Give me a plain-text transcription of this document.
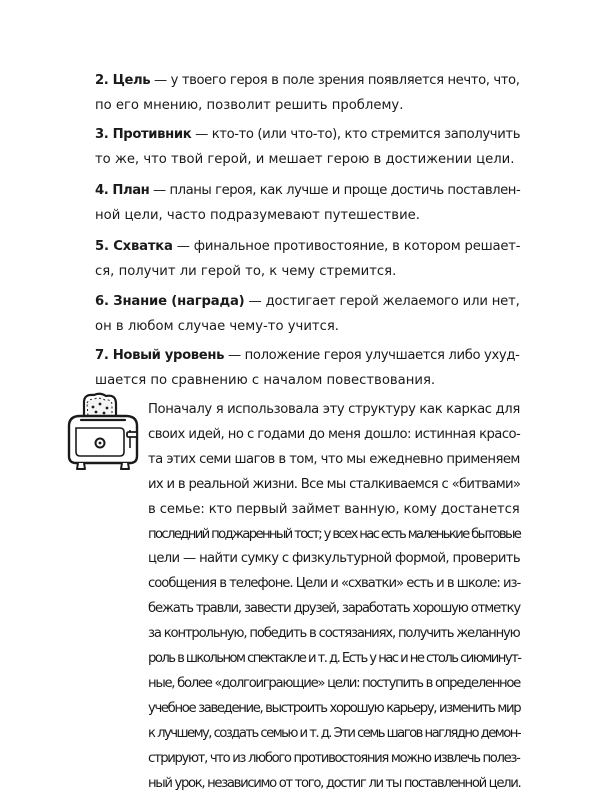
2. Цель — у твоего героя в поле зрения появляется нечто, что,
по его мнению, позволит решить проблему.

3. Противник — кто-то (или что-то), кто стремится заполучить
то же, что твой герой, и мешает герою в достижении цели.

4. План — планы героя, как лучше и проще достичь поставлен-
ной цели, часто подразумевают путешествие.

5. Схватка — финальное противостояние, в котором решает-
ся, получит ли герой то, к чему стремится.

6. Знание (награда) — достигает герой желаемого или нет,
он в любом случае чему-то учится.

7. Новый уровень — положение героя улучшается либо ухуд-
шается по сравнению с началом повествования.

Поначалу я использовала эту структуру как каркас для
своих идей, но с годами до меня дошло: истинная красо-
та этих семи шагов в том, что мы ежедневно применяем
их и в реальной жизни. Все мы сталкиваемся с «битвами»
в семье: кто первый займет ванную, кому достанется
последний поджаренный тост; у всех нас есть маленькие бытовые
цели — найти сумку с физкультурной формой, проверить
сообщения в телефоне. Цели и «схватки» есть и в школе: из-
бежать травли, завести друзей, заработать хорошую отметку
за контрольную, победить в состязаниях, получить желанную
роль в школьном спектакле и т. д. Есть у нас и не столь сиюминут-
ные, более «долгоиграющие» цели: поступить в определенное
учебное заведение, выстроить хорошую карьеру, изменить мир
к лучшему, создать семью и т. д. Эти семь шагов наглядно демон-
стрируют, что из любого противостояния можно извлечь полез-
ный урок, независимо от того, достиг ли ты поставленной цели.
